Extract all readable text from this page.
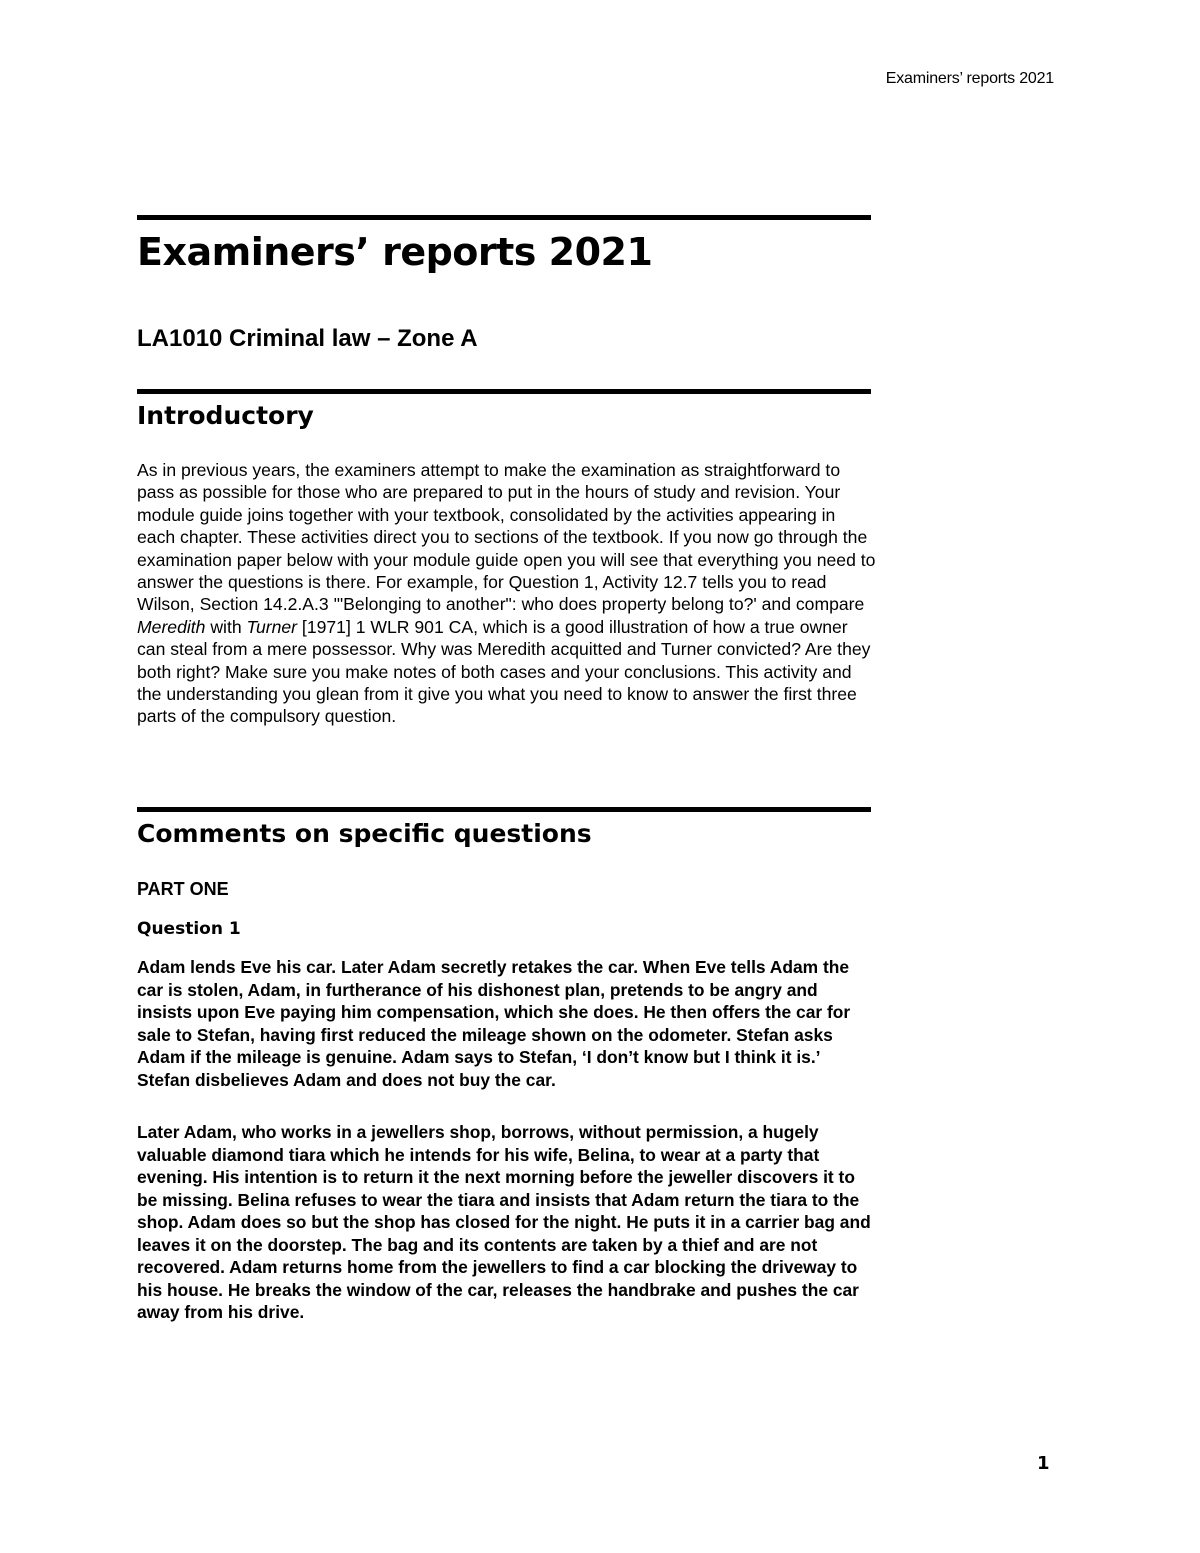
Examiners’ reports 2021
Examiners’ reports 2021
LA1010 Criminal law – Zone A
Introductory

As in previous years, the examiners attempt to make the examination as straightforward to pass as possible for those who are prepared to put in the hours of study and revision. Your module guide joins together with your textbook, consolidated by the activities appearing in each chapter. These activities direct you to sections of the textbook. If you now go through the examination paper below with your module guide open you will see that everything you need to answer the questions is there. For example, for Question 1, Activity 12.7 tells you to read Wilson, Section 14.2.A.3 '"Belonging to another": who does property belong to?' and compare Meredith with Turner [1971] 1 WLR 901 CA, which is a good illustration of how a true owner can steal from a mere possessor. Why was Meredith acquitted and Turner convicted? Are they both right? Make sure you make notes of both cases and your conclusions. This activity and the understanding you glean from it give you what you need to know to answer the first three parts of the compulsory question.

Comments on specific questions

PART ONE

Question 1

Adam lends Eve his car. Later Adam secretly retakes the car. When Eve tells Adam the car is stolen, Adam, in furtherance of his dishonest plan, pretends to be angry and insists upon Eve paying him compensation, which she does. He then offers the car for sale to Stefan, having first reduced the mileage shown on the odometer. Stefan asks Adam if the mileage is genuine. Adam says to Stefan, ‘I don’t know but I think it is.’ Stefan disbelieves Adam and does not buy the car.

Later Adam, who works in a jewellers shop, borrows, without permission, a hugely valuable diamond tiara which he intends for his wife, Belina, to wear at a party that evening. His intention is to return it the next morning before the jeweller discovers it to be missing. Belina refuses to wear the tiara and insists that Adam return the tiara to the shop. Adam does so but the shop has closed for the night. He puts it in a carrier bag and leaves it on the doorstep. The bag and its contents are taken by a thief and are not recovered. Adam returns home from the jewellers to find a car blocking the driveway to his house. He breaks the window of the car, releases the handbrake and pushes the car away from his drive.

1
